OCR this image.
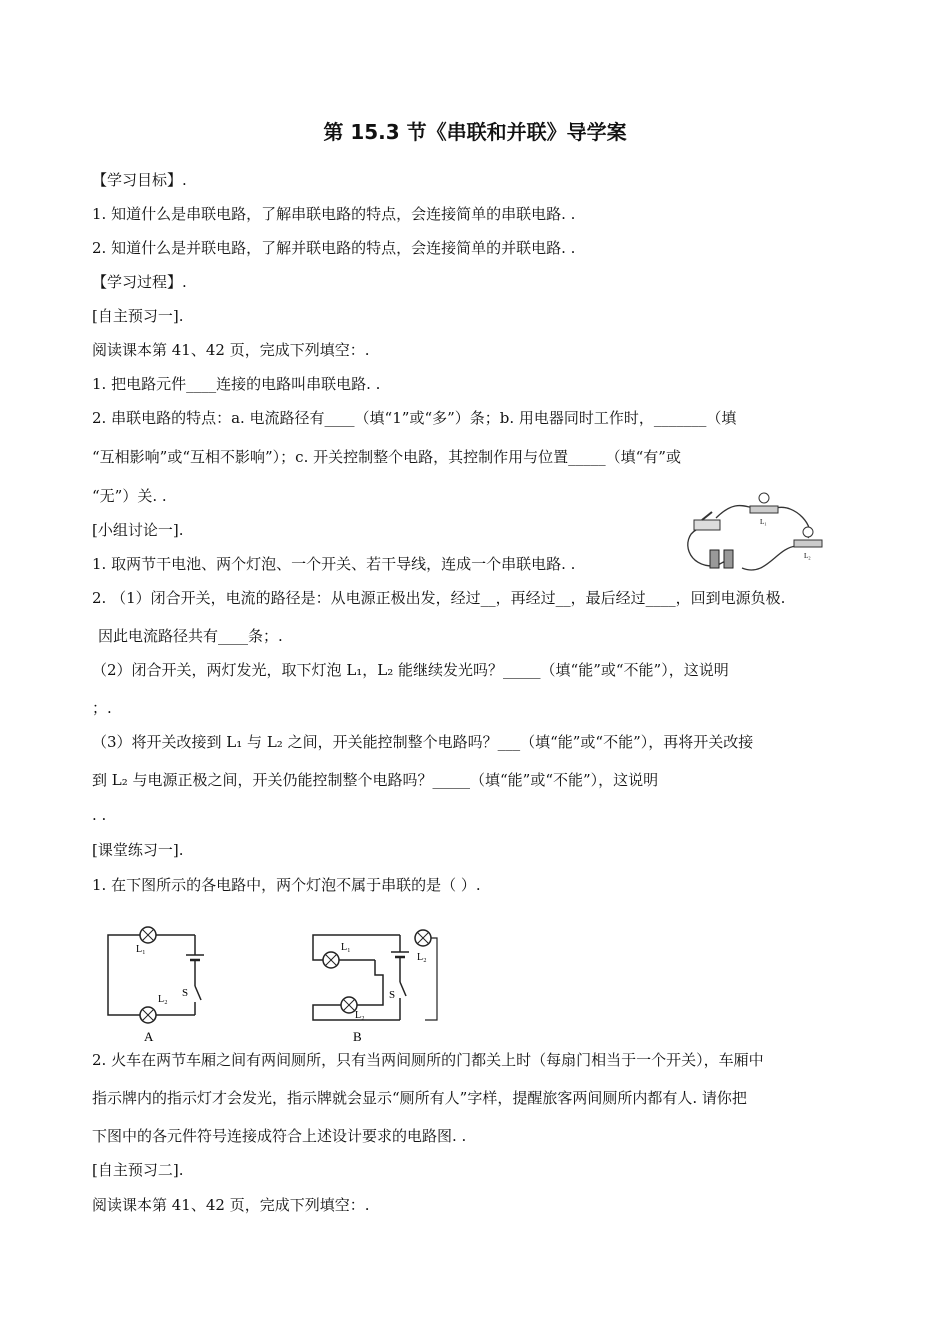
第 15.3 节《串联和并联》导学案
【学习目标】.
1. 知道什么是串联电路，了解串联电路的特点，会连接简单的串联电路. .
2. 知道什么是并联电路，了解并联电路的特点，会连接简单的并联电路. .
【学习过程】.
[自主预习一].
阅读课本第 41、42 页，完成下列填空：.
1. 把电路元件____连接的电路叫串联电路. .
2. 串联电路的特点：a. 电流路径有____（填“1”或“多”）条；b. 用电器同时工作时，_______（填
“互相影响”或“互相不影响”）；c. 开关控制整个电路，其控制作用与位置_____（填“有”或
“无”）关. .
[小组讨论一].
1. 取两节干电池、两个灯泡、一个开关、若干导线，连成一个串联电路. .
2. （1）闭合开关，电流的路径是：从电源正极出发，经过__，再经过__，最后经过____，回到电源负极.
因此电流路径共有____条；.
（2）闭合开关，两灯发光，取下灯泡 L₁，L₂ 能继续发光吗？_____（填“能”或“不能”），这说明
；.
（3）将开关改接到 L₁ 与 L₂ 之间，开关能控制整个电路吗？___（填“能”或“不能”），再将开关改接
到 L₂ 与电源正极之间，开关仍能控制整个电路吗？_____（填“能”或“不能”），这说明
. .
[课堂练习一].
1. 在下图所示的各电路中，两个灯泡不属于串联的是（ ）.
2. 火车在两节车厢之间有两间厕所，只有当两间厕所的门都关上时（每扇门相当于一个开关），车厢中
指示牌内的指示灯才会发光，指示牌就会显示“厕所有人”字样，提醒旅客两间厕所内都有人. 请你把
下图中的各元件符号连接成符合上述设计要求的电路图. .
[自主预习二].
阅读课本第 41、42 页，完成下列填空：.
L₁
L₂
L₁
L₂
S
A
L₁
L₂
L₂
S
B
